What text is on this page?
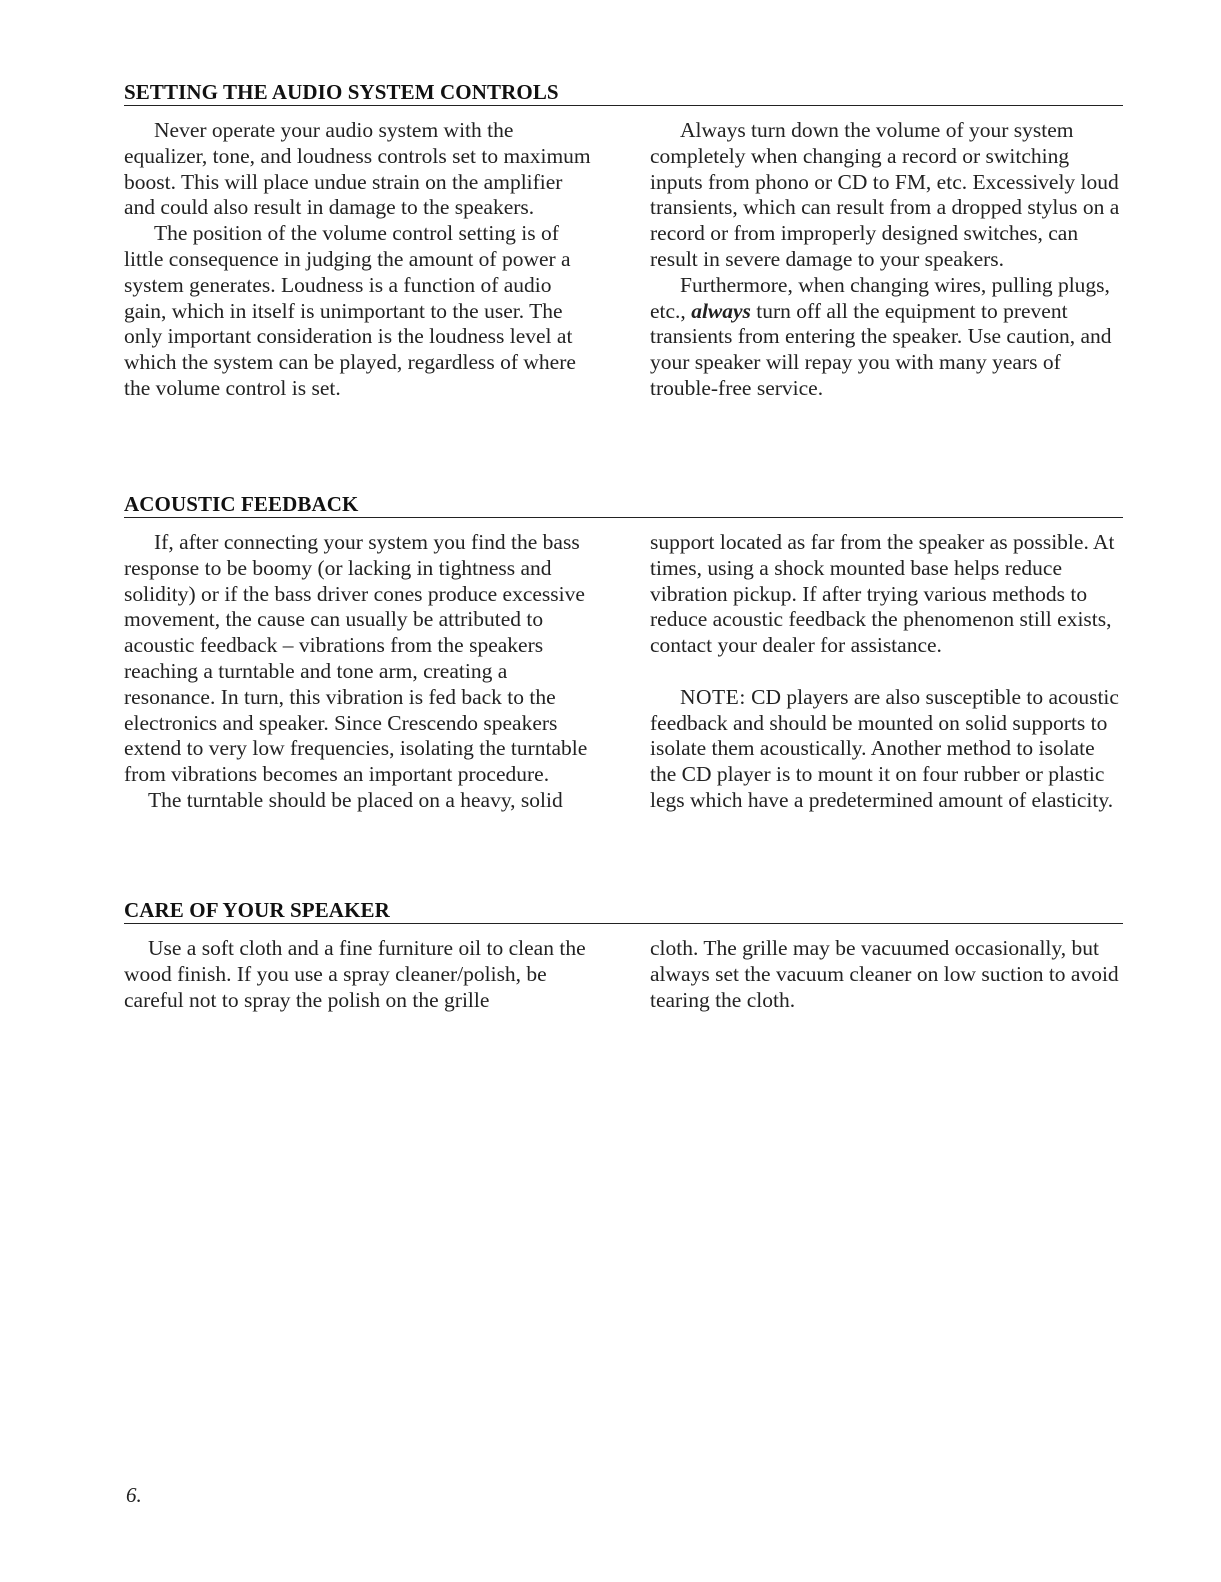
SETTING THE AUDIO SYSTEM CONTROLS

Never operate your audio system with the equalizer, tone, and loudness controls set to maximum boost. This will place undue strain on the amplifier and could also result in damage to the speakers.

The position of the volume control setting is of little consequence in judging the amount of power a system generates. Loudness is a function of audio gain, which in itself is unimportant to the user. The only important consideration is the loudness level at which the system can be played, regardless of where the volume control is set.

Always turn down the volume of your system completely when changing a record or switching inputs from phono or CD to FM, etc. Excessively loud transients, which can result from a dropped stylus on a record or from improperly designed switches, can result in severe damage to your speakers.

Furthermore, when changing wires, pulling plugs, etc., always turn off all the equipment to prevent transients from entering the speaker. Use caution, and your speaker will repay you with many years of trouble-free service.

ACOUSTIC FEEDBACK

If, after connecting your system you find the bass response to be boomy (or lacking in tightness and solidity) or if the bass driver cones produce excessive movement, the cause can usually be attributed to acoustic feedback – vibrations from the speakers reaching a turntable and tone arm, creating a resonance. In turn, this vibration is fed back to the electronics and speaker. Since Crescendo speakers extend to very low frequencies, isolating the turntable from vibrations becomes an important procedure.

The turntable should be placed on a heavy, solid

support located as far from the speaker as possible. At times, using a shock mounted base helps reduce vibration pickup. If after trying various methods to reduce acoustic feedback the phenomenon still exists, contact your dealer for assistance.

NOTE: CD players are also susceptible to acoustic feedback and should be mounted on solid supports to isolate them acoustically. Another method to isolate the CD player is to mount it on four rubber or plastic legs which have a predetermined amount of elasticity.

CARE OF YOUR SPEAKER

Use a soft cloth and a fine furniture oil to clean the wood finish. If you use a spray cleaner/polish, be careful not to spray the polish on the grille

cloth. The grille may be vacuumed occasionally, but always set the vacuum cleaner on low suction to avoid tearing the cloth.

6.
